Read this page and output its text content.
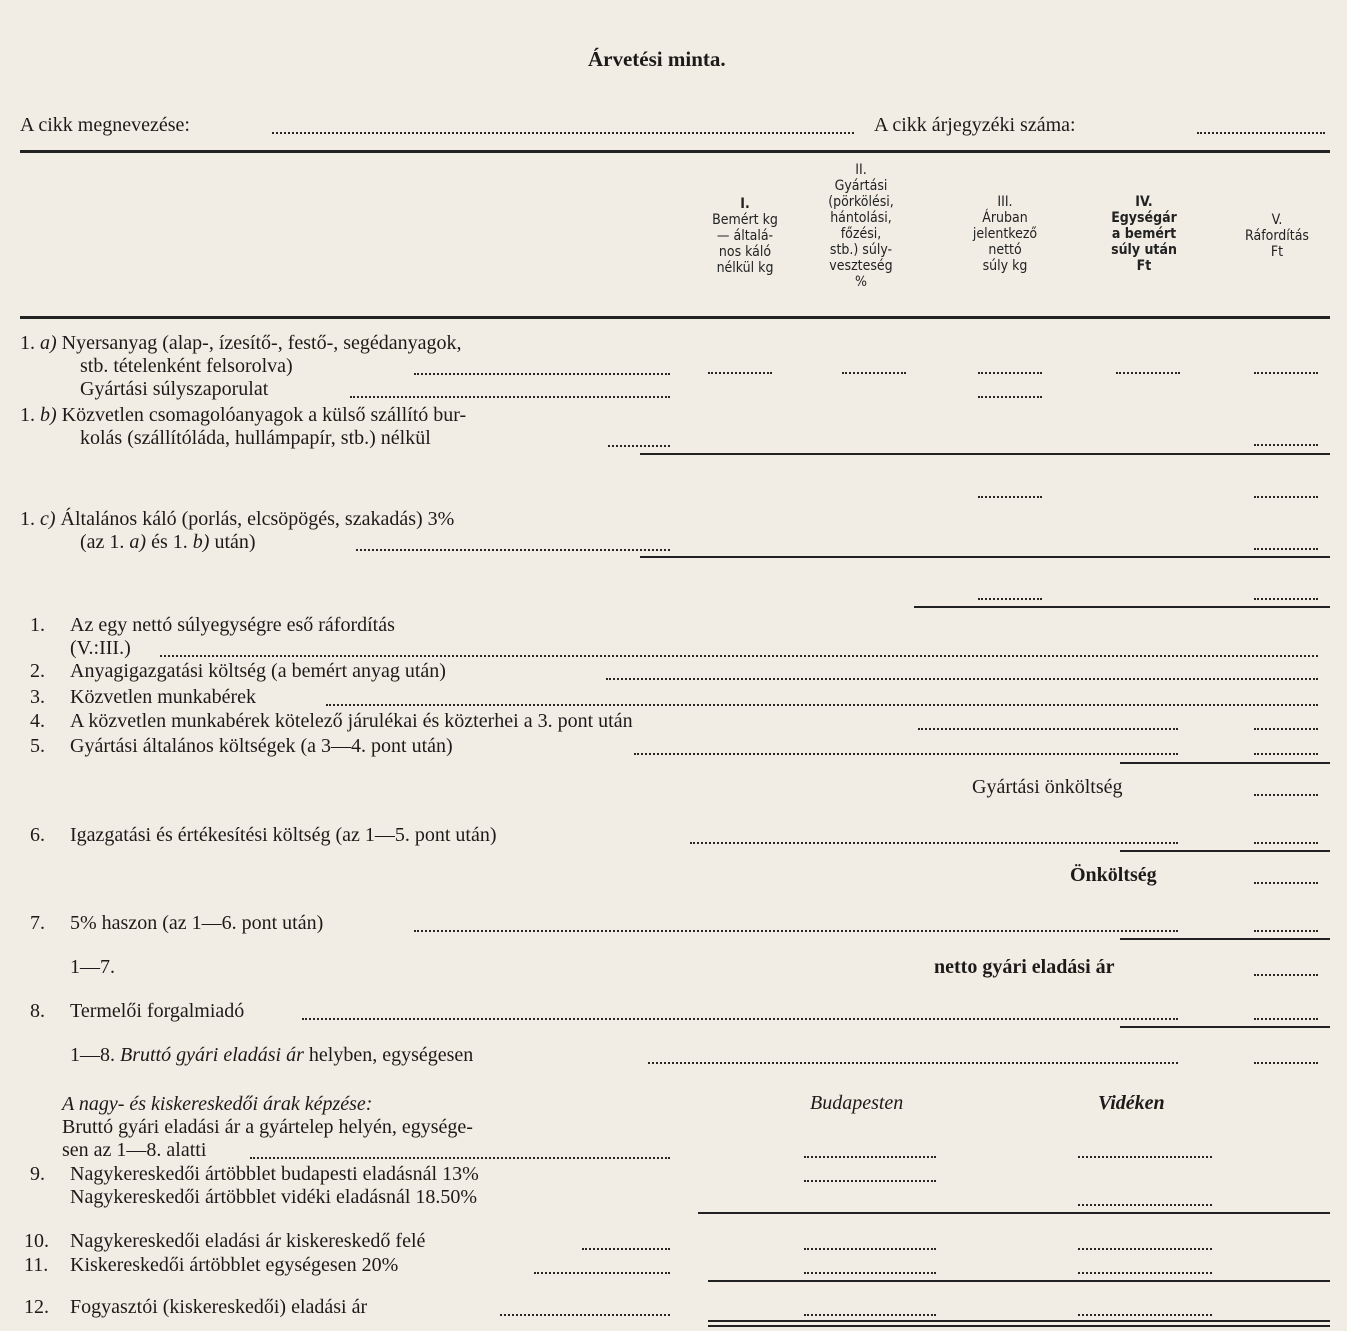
Árvetési minta.
A cikk megnevezése:	A cikk árjegyzéki száma:
I.
Bemért kg
— általá-
nos káló
nélkül kg
II.
Gyártási
(pörkölési,
hántolási,
főzési,
stb.) súly-
veszteség
%
III.
Áruban
jelentkező
nettó
súly kg
IV.
Egységár
a bemért
súly után
Ft
V.
Ráfordítás
Ft
1. a) Nyersanyag (alap-, ízesítő-, festő-, segédanyagok,
stb. tételenként felsorolva)
Gyártási súlyszaporulat
1. b) Közvetlen csomagolóanyagok a külső szállító bur-
kolás (szállítóláda, hullámpapír, stb.) nélkül
1. c) Általános káló (porlás, elcsöpögés, szakadás) 3%
(az 1. a) és 1. b) után)
1. Az egy nettó súlyegységre eső ráfordítás
(V.:III.)
2. Anyagigazgatási költség (a bemért anyag után)
3. Közvetlen munkabérek
4. A közvetlen munkabérek kötelező járulékai és közterhei a 3. pont után
5. Gyártási általános költségek (a 3—4. pont után)
Gyártási önköltség
6. Igazgatási és értékesítési költség (az 1—5. pont után)
Önköltség
7. 5% haszon (az 1—6. pont után)
1—7.	netto gyári eladási ár
8. Termelői forgalmiadó
1—8. Bruttó gyári eladási ár helyben, egységesen
A nagy- és kiskereskedői árak képzése:	Budapesten	Vidéken
Bruttó gyári eladási ár a gyártelep helyén, egysége-
sen az 1—8. alatti
9. Nagykereskedői ártöbblet budapesti eladásnál 13%
Nagykereskedői ártöbblet vidéki eladásnál 18.50%
10. Nagykereskedői eladási ár kiskereskedő felé
11. Kiskereskedői ártöbblet egységesen 20%
12. Fogyasztói (kiskereskedői) eladási ár
